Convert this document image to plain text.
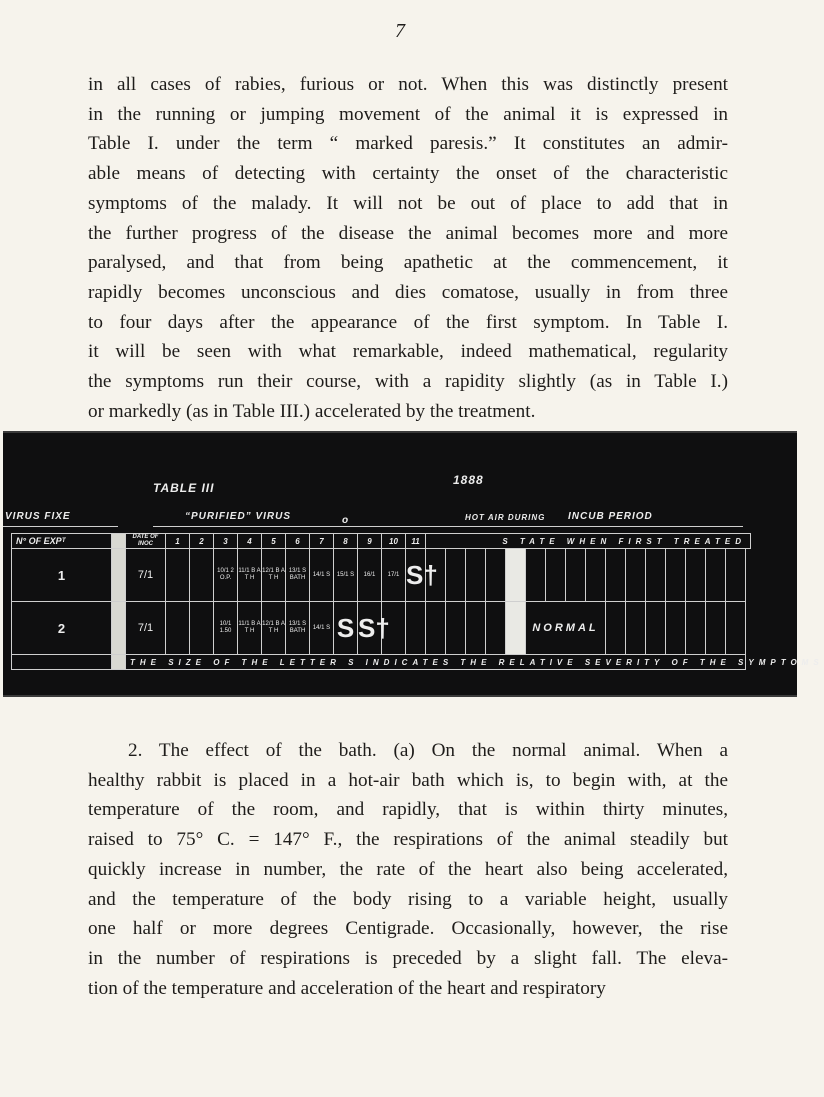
7

in all cases of rabies, furious or not. When this was distinctly present
in the running or jumping movement of the animal it is expressed in
Table I. under the term “ marked paresis.” It constitutes an admir-
able means of detecting with certainty the onset of the characteristic
symptoms of the malady. It will not be out of place to add that in
the further progress of the disease the animal becomes more and more
paralysed, and that from being apathetic at the commencement, it
rapidly becomes unconscious and dies comatose, usually in from three
to four days after the appearance of the first symptom. In Table I.
it will be seen with what remarkable, indeed mathematical, regularity
the symptoms run their course, with a rapidity slightly (as in Table I.)
or markedly (as in Table III.) accelerated by the treatment.

TABLE III
1888
VIRUS FIXE	“PURIFIED” VIRUS	o	HOT AIR DURING INCUB PERIOD
N° OF EXPᵀ		DATE OF INOC	1	2	3	4	5	6	7	8	9	10	11	S TATE WHEN FIRST TREATED															
1		7/1			10/1 2 O.P.	11/1 B A T H	12/1 B A T H	13/1 S BATH	14/1 S	15/1 S	16/1	17/1	S†																
2		7/1			10/1 1.50	11/1 B A T H	12/1 B A T H	13/1 S BATH	14/1 S	S	S†								NORMAL										
		THE SIZE OF THE LETTER S INDICATES THE RELATIVE SEVERITY OF THE SYMPTOMS																											

2. The effect of the bath. (a) On the normal animal. When a
healthy rabbit is placed in a hot-air bath which is, to begin with, at the
temperature of the room, and rapidly, that is within thirty minutes,
raised to 75° C. = 147° F., the respirations of the animal steadily but
quickly increase in number, the rate of the heart also being accelerated,
and the temperature of the body rising to a variable height, usually
one half or more degrees Centigrade. Occasionally, however, the rise
in the number of respirations is preceded by a slight fall. The eleva-
tion of the temperature and acceleration of the heart and respiratory
